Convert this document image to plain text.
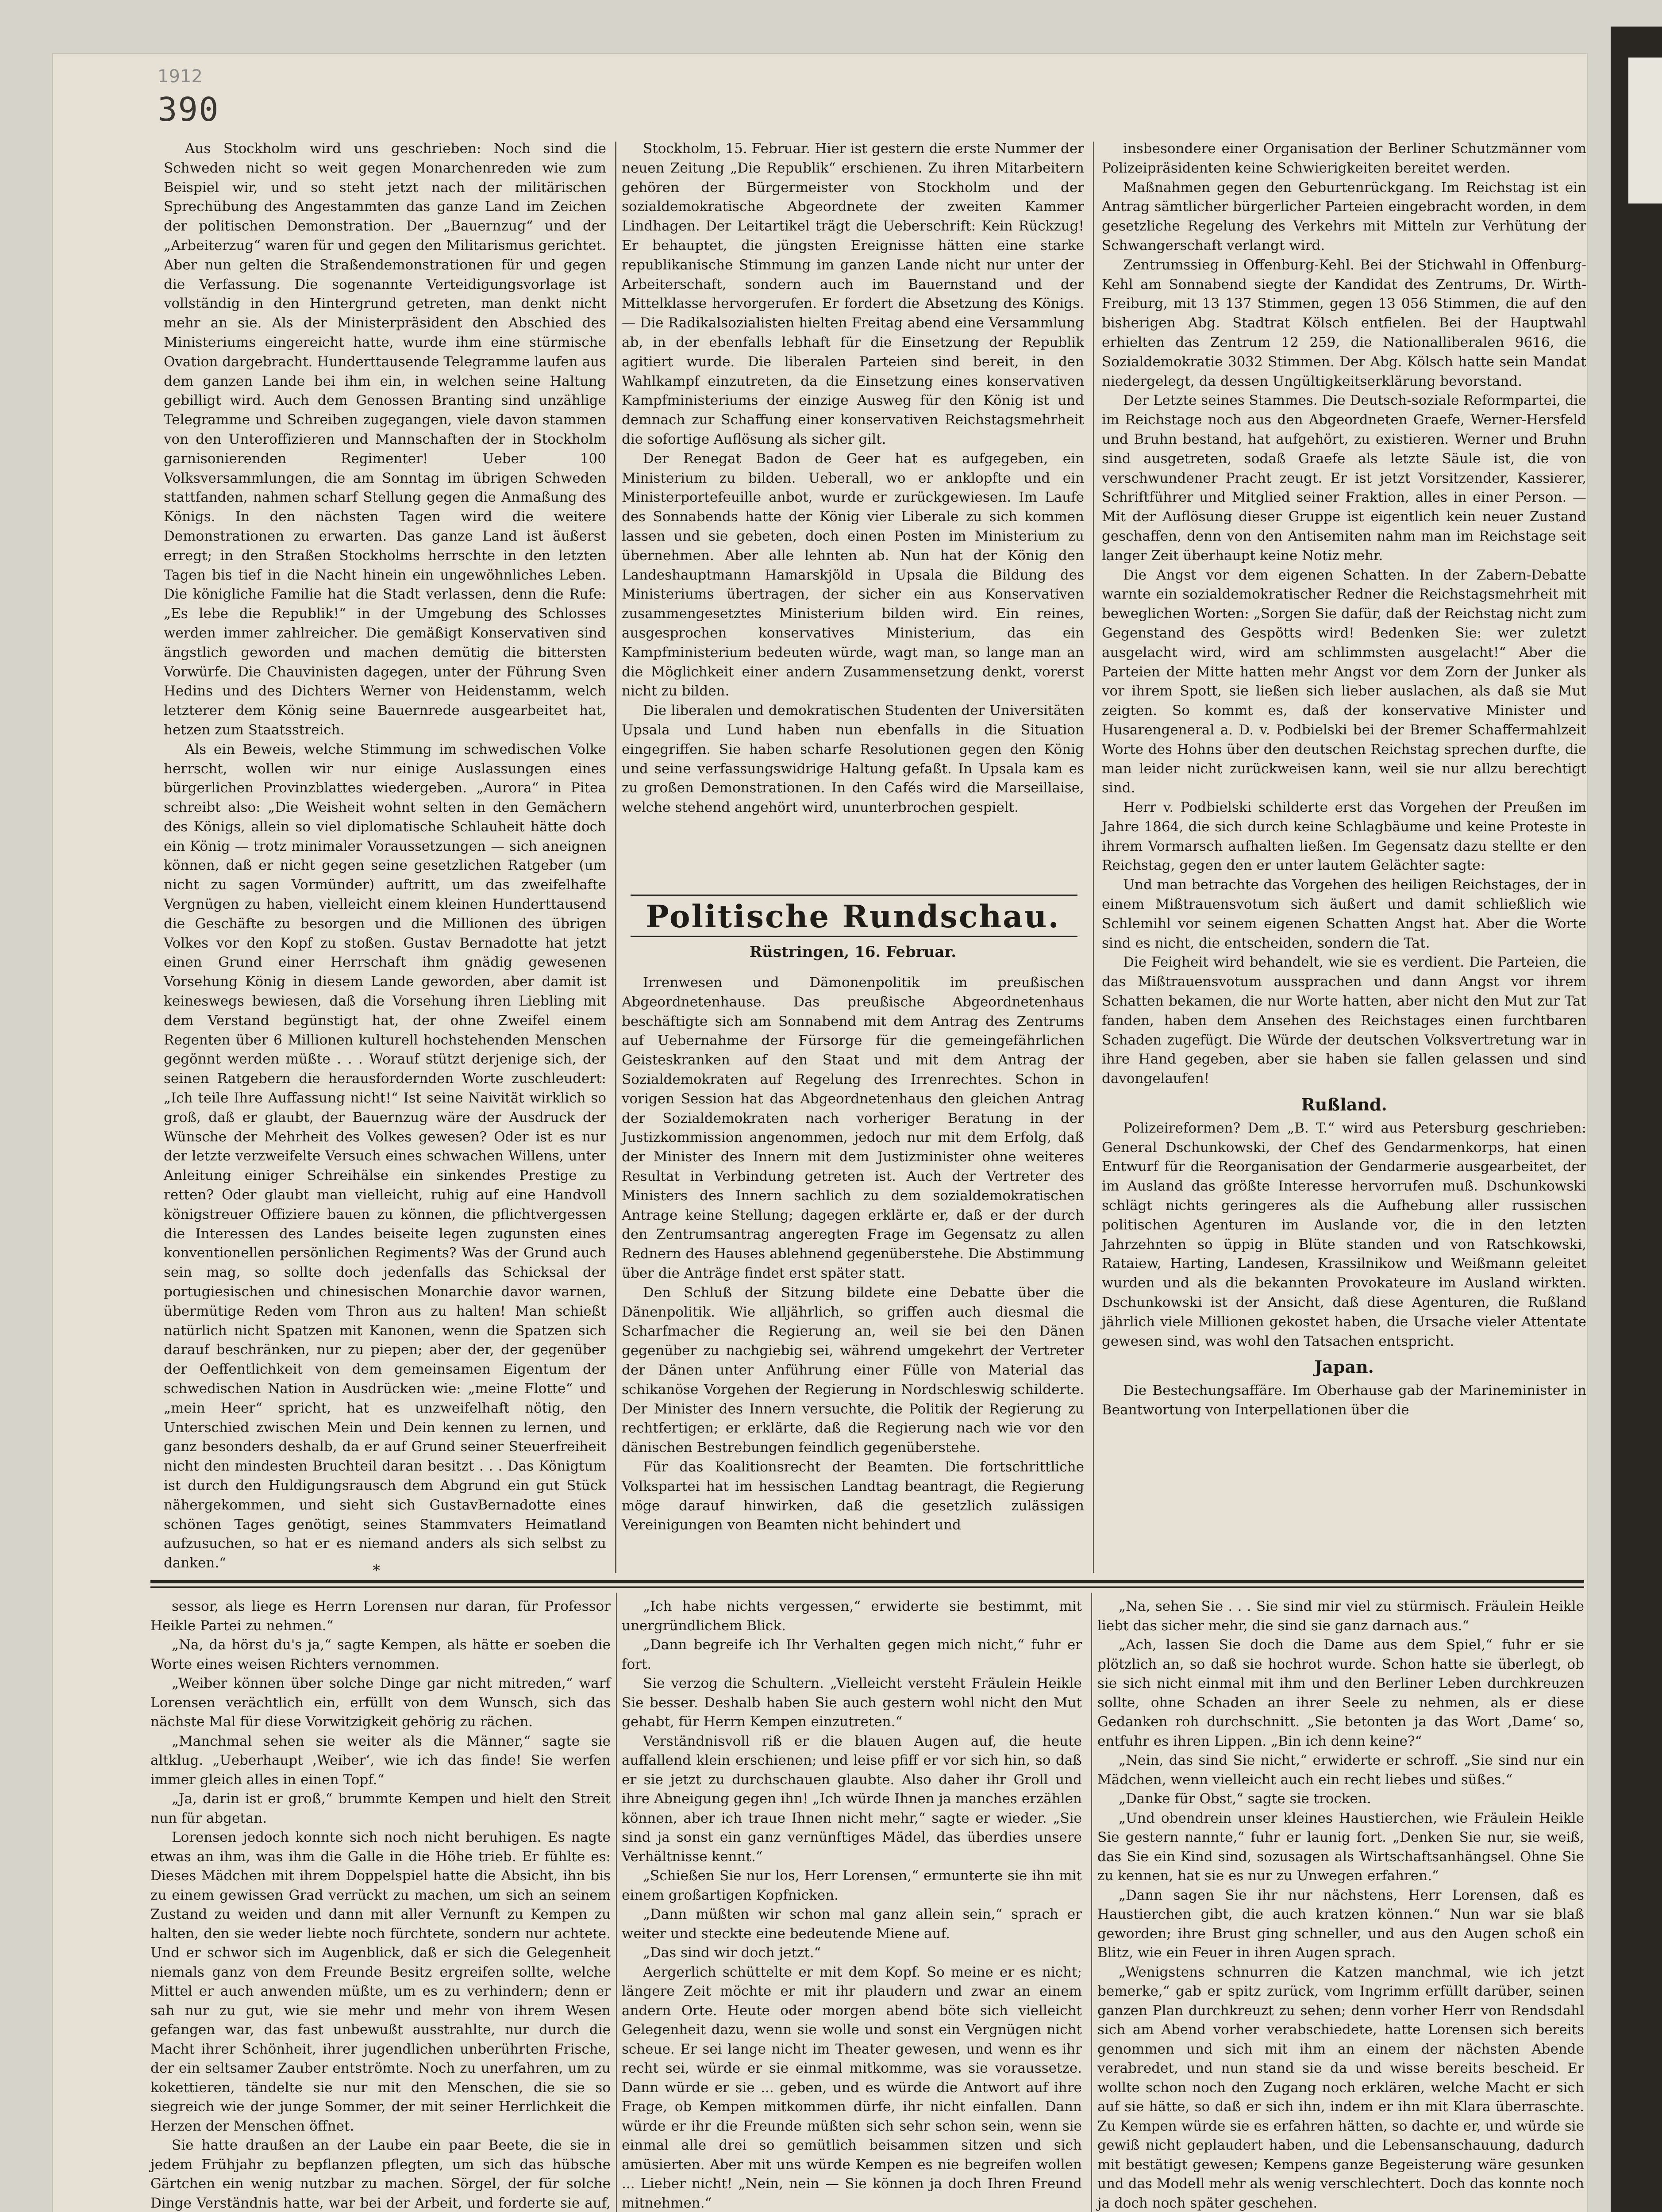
1912
390

Aus Stockholm wird uns geschrieben: Noch sind die Schweden nicht so weit gegen Monarchenreden wie zum Beispiel wir, und so steht jetzt nach der militärischen Sprechübung des Angestammten das ganze Land im Zeichen der politischen Demonstration. Der „Bauernzug“ und der „Arbeiterzug“ waren für und gegen den Militarismus gerichtet. Aber nun gelten die Straßendemonstrationen für und gegen die Verfassung. Die sogenannte Verteidigungsvorlage ist vollständig in den Hintergrund getreten, man denkt nicht mehr an sie. Als der Ministerpräsident den Abschied des Ministeriums eingereicht hatte, wurde ihm eine stürmische Ovation dargebracht. Hunderttausende Telegramme laufen aus dem ganzen Lande bei ihm ein, in welchen seine Haltung gebilligt wird. Auch dem Genossen Branting sind unzählige Telegramme und Schreiben zugegangen, viele davon stammen von den Unteroffizieren und Mannschaften der in Stockholm garnisonierenden Regimenter! Ueber 100 Volksversammlungen, die am Sonntag im übrigen Schweden stattfanden, nahmen scharf Stellung gegen die Anmaßung des Königs. In den nächsten Tagen wird die weitere Demonstrationen zu erwarten. Das ganze Land ist äußerst erregt; in den Straßen Stockholms herrschte in den letzten Tagen bis tief in die Nacht hinein ein ungewöhnliches Leben. Die königliche Familie hat die Stadt verlassen, denn die Rufe: „Es lebe die Republik!“ in der Umgebung des Schlosses werden immer zahlreicher. Die gemäßigt Konservativen sind ängstlich geworden und machen demütig die bittersten Vorwürfe. Die Chauvinisten dagegen, unter der Führung Sven Hedins und des Dichters Werner von Heidenstamm, welch letzterer dem König seine Bauernrede ausgearbeitet hat, hetzen zum Staatsstreich.

Als ein Beweis, welche Stimmung im schwedischen Volke herrscht, wollen wir nur einige Auslassungen eines bürgerlichen Provinzblattes wiedergeben. „Aurora“ in Pitea schreibt also: „Die Weisheit wohnt selten in den Gemächern des Königs, allein so viel diplomatische Schlauheit hätte doch ein König — trotz minimaler Voraussetzungen — sich aneignen können, daß er nicht gegen seine gesetzlichen Ratgeber (um nicht zu sagen Vormünder) auftritt, um das zweifelhafte Vergnügen zu haben, vielleicht einem kleinen Hunderttausend die Geschäfte zu besorgen und die Millionen des übrigen Volkes vor den Kopf zu stoßen. Gustav Bernadotte hat jetzt einen Grund einer Herrschaft ihm gnädig gewesenen Vorsehung König in diesem Lande geworden, aber damit ist keineswegs bewiesen, daß die Vorsehung ihren Liebling mit dem Verstand begünstigt hat, der ohne Zweifel einem Regenten über 6 Millionen kulturell hochstehenden Menschen gegönnt werden müßte . . . Worauf stützt derjenige sich, der seinen Ratgebern die herausfordernden Worte zuschleudert: „Ich teile Ihre Auffassung nicht!“ Ist seine Naivität wirklich so groß, daß er glaubt, der Bauernzug wäre der Ausdruck der Wünsche der Mehrheit des Volkes gewesen? Oder ist es nur der letzte verzweifelte Versuch eines schwachen Willens, unter Anleitung einiger Schreihälse ein sinkendes Prestige zu retten? Oder glaubt man vielleicht, ruhig auf eine Handvoll königstreuer Offiziere bauen zu können, die pflichtvergessen die Interessen des Landes beiseite legen zugunsten eines konventionellen persönlichen Regiments? Was der Grund auch sein mag, so sollte doch jedenfalls das Schicksal der portugiesischen und chinesischen Monarchie davor warnen, übermütige Reden vom Thron aus zu halten! Man schießt natürlich nicht Spatzen mit Kanonen, wenn die Spatzen sich darauf beschränken, nur zu piepen; aber der, der gegenüber der Oeffentlichkeit von dem gemeinsamen Eigentum der schwedischen Nation in Ausdrücken wie: „meine Flotte“ und „mein Heer“ spricht, hat es unzweifelhaft nötig, den Unterschied zwischen Mein und Dein kennen zu lernen, und ganz besonders deshalb, da er auf Grund seiner Steuerfreiheit nicht den mindesten Bruchteil daran besitzt . . . Das Königtum ist durch den Huldigungsrausch dem Abgrund ein gut Stück nähergekommen, und sieht sich GustavBernadotte eines schönen Tages genötigt, seines Stammvaters Heimatland aufzusuchen, so hat er es niemand anders als sich selbst zu danken.“	*

Stockholm, 15. Februar. Hier ist gestern die erste Nummer der neuen Zeitung „Die Republik“ erschienen. Zu ihren Mitarbeitern gehören der Bürgermeister von Stockholm und der sozialdemokratische Abgeordnete der zweiten Kammer Lindhagen. Der Leitartikel trägt die Ueberschrift: Kein Rückzug! Er behauptet, die jüngsten Ereignisse hätten eine starke republikanische Stimmung im ganzen Lande nicht nur unter der Arbeiterschaft, sondern auch im Bauernstand und der Mittelklasse hervorgerufen. Er fordert die Absetzung des Königs. — Die Radikalsozialisten hielten Freitag abend eine Versammlung ab, in der ebenfalls lebhaft für die Einsetzung der Republik agitiert wurde. Die liberalen Parteien sind bereit, in den Wahlkampf einzutreten, da die Einsetzung eines konservativen Kampfministeriums der einzige Ausweg für den König ist und demnach zur Schaffung einer konservativen Reichstagsmehrheit die sofortige Auflösung als sicher gilt.

Der Renegat Badon de Geer hat es aufgegeben, ein Ministerium zu bilden. Ueberall, wo er anklopfte und ein Ministerportefeuille anbot, wurde er zurückgewiesen. Im Laufe des Sonnabends hatte der König vier Liberale zu sich kommen lassen und sie gebeten, doch einen Posten im Ministerium zu übernehmen. Aber alle lehnten ab. Nun hat der König den Landeshauptmann Hamarskjöld in Upsala die Bildung des Ministeriums übertragen, der sicher ein aus Konservativen zusammengesetztes Ministerium bilden wird. Ein reines, ausgesprochen konservatives Ministerium, das ein Kampfministerium bedeuten würde, wagt man, so lange man an die Möglichkeit einer andern Zusammensetzung denkt, vorerst nicht zu bilden.

Die liberalen und demokratischen Studenten der Universitäten Upsala und Lund haben nun ebenfalls in die Situation eingegriffen. Sie haben scharfe Resolutionen gegen den König und seine verfassungswidrige Haltung gefaßt. In Upsala kam es zu großen Demonstrationen. In den Cafés wird die Marseillaise, welche stehend angehört wird, ununterbrochen gespielt.

Politische Rundschau.
Rüstringen, 16. Februar.

Irrenwesen und Dämonenpolitik im preußischen Abgeordnetenhause. Das preußische Abgeordnetenhaus beschäftigte sich am Sonnabend mit dem Antrag des Zentrums auf Uebernahme der Fürsorge für die gemeingefährlichen Geisteskranken auf den Staat und mit dem Antrag der Sozialdemokraten auf Regelung des Irrenrechtes. Schon in vorigen Session hat das Abgeordnetenhaus den gleichen Antrag der Sozialdemokraten nach vorheriger Beratung in der Justizkommission angenommen, jedoch nur mit dem Erfolg, daß der Minister des Innern mit dem Justizminister ohne weiteres Resultat in Verbindung getreten ist. Auch der Vertreter des Ministers des Innern sachlich zu dem sozialdemokratischen Antrage keine Stellung; dagegen erklärte er, daß er der durch den Zentrumsantrag angeregten Frage im Gegensatz zu allen Rednern des Hauses ablehnend gegenüberstehe. Die Abstimmung über die Anträge findet erst später statt.

Den Schluß der Sitzung bildete eine Debatte über die Dänenpolitik. Wie alljährlich, so griffen auch diesmal die Scharfmacher die Regierung an, weil sie bei den Dänen gegenüber zu nachgiebig sei, während umgekehrt der Vertreter der Dänen unter Anführung einer Fülle von Material das schikanöse Vorgehen der Regierung in Nordschleswig schilderte. Der Minister des Innern versuchte, die Politik der Regierung zu rechtfertigen; er erklärte, daß die Regierung nach wie vor den dänischen Bestrebungen feindlich gegenüberstehe.

Für das Koalitionsrecht der Beamten. Die fortschrittliche Volkspartei hat im hessischen Landtag beantragt, die Regierung möge darauf hinwirken, daß die gesetzlich zulässigen Vereinigungen von Beamten nicht behindert und

insbesondere einer Organisation der Berliner Schutzmänner vom Polizeipräsidenten keine Schwierigkeiten bereitet werden.

Maßnahmen gegen den Geburtenrückgang. Im Reichstag ist ein Antrag sämtlicher bürgerlicher Parteien eingebracht worden, in dem gesetzliche Regelung des Verkehrs mit Mitteln zur Verhütung der Schwangerschaft verlangt wird.

Zentrumssieg in Offenburg-Kehl. Bei der Stichwahl in Offenburg-Kehl am Sonnabend siegte der Kandidat des Zentrums, Dr. Wirth-Freiburg, mit 13 137 Stimmen, gegen 13 056 Stimmen, die auf den bisherigen Abg. Stadtrat Kölsch entfielen. Bei der Hauptwahl erhielten das Zentrum 12 259, die Nationalliberalen 9616, die Sozialdemokratie 3032 Stimmen. Der Abg. Kölsch hatte sein Mandat niedergelegt, da dessen Ungültigkeitserklärung bevorstand.

Der Letzte seines Stammes. Die Deutsch-soziale Reformpartei, die im Reichstage noch aus den Abgeordneten Graefe, Werner-Hersfeld und Bruhn bestand, hat aufgehört, zu existieren. Werner und Bruhn sind ausgetreten, sodaß Graefe als letzte Säule ist, die von verschwundener Pracht zeugt. Er ist jetzt Vorsitzender, Kassierer, Schriftführer und Mitglied seiner Fraktion, alles in einer Person. — Mit der Auflösung dieser Gruppe ist eigentlich kein neuer Zustand geschaffen, denn von den Antisemiten nahm man im Reichstage seit langer Zeit überhaupt keine Notiz mehr.

Die Angst vor dem eigenen Schatten. In der Zabern-Debatte warnte ein sozialdemokratischer Redner die Reichstagsmehrheit mit beweglichen Worten: „Sorgen Sie dafür, daß der Reichstag nicht zum Gegenstand des Gespötts wird! Bedenken Sie: wer zuletzt ausgelacht wird, wird am schlimmsten ausgelacht!“ Aber die Parteien der Mitte hatten mehr Angst vor dem Zorn der Junker als vor ihrem Spott, sie ließen sich lieber auslachen, als daß sie Mut zeigten. So kommt es, daß der konservative Minister und Husarengeneral a. D. v. Podbielski bei der Bremer Schaffermahlzeit Worte des Hohns über den deutschen Reichstag sprechen durfte, die man leider nicht zurückweisen kann, weil sie nur allzu berechtigt sind.

Herr v. Podbielski schilderte erst das Vorgehen der Preußen im Jahre 1864, die sich durch keine Schlagbäume und keine Proteste in ihrem Vormarsch aufhalten ließen. Im Gegensatz dazu stellte er den Reichstag, gegen den er unter lautem Gelächter sagte:

Und man betrachte das Vorgehen des heiligen Reichstages, der in einem Mißtrauensvotum sich äußert und damit schließlich wie Schlemihl vor seinem eigenen Schatten Angst hat. Aber die Worte sind es nicht, die entscheiden, sondern die Tat.

Die Feigheit wird behandelt, wie sie es verdient. Die Parteien, die das Mißtrauensvotum aussprachen und dann Angst vor ihrem Schatten bekamen, die nur Worte hatten, aber nicht den Mut zur Tat fanden, haben dem Ansehen des Reichstages einen furchtbaren Schaden zugefügt. Die Würde der deutschen Volksvertretung war in ihre Hand gegeben, aber sie haben sie fallen gelassen und sind davongelaufen!

Rußland.

Polizeireformen? Dem „B. T.“ wird aus Petersburg geschrieben: General Dschunkowski, der Chef des Gendarmenkorps, hat einen Entwurf für die Reorganisation der Gendarmerie ausgearbeitet, der im Ausland das größte Interesse hervorrufen muß. Dschunkowski schlägt nichts geringeres als die Aufhebung aller russischen politischen Agenturen im Auslande vor, die in den letzten Jahrzehnten so üppig in Blüte standen und von Ratschkowski, Rataiew, Harting, Landesen, Krassilnikow und Weißmann geleitet wurden und als die bekannten Provokateure im Ausland wirkten. Dschunkowski ist der Ansicht, daß diese Agenturen, die Rußland jährlich viele Millionen gekostet haben, die Ursache vieler Attentate gewesen sind, was wohl den Tatsachen entspricht.

Japan.

Die Bestechungsaffäre. Im Oberhause gab der Marineminister in Beantwortung von Interpellationen über die

sessor, als liege es Herrn Lorensen nur daran, für Professor Heikle Partei zu nehmen.“

„Na, da hörst du's ja,“ sagte Kempen, als hätte er soeben die Worte eines weisen Richters vernommen.

„Weiber können über solche Dinge gar nicht mitreden,“ warf Lorensen verächtlich ein, erfüllt von dem Wunsch, sich das nächste Mal für diese Vorwitzigkeit gehörig zu rächen.

„Manchmal sehen sie weiter als die Männer,“ sagte sie altklug. „Ueberhaupt ‚Weiber‘, wie ich das finde! Sie werfen immer gleich alles in einen Topf.“

„Ja, darin ist er groß,“ brummte Kempen und hielt den Streit nun für abgetan.

Lorensen jedoch konnte sich noch nicht beruhigen. Es nagte etwas an ihm, was ihm die Galle in die Höhe trieb. Er fühlte es: Dieses Mädchen mit ihrem Doppelspiel hatte die Absicht, ihn bis zu einem gewissen Grad verrückt zu machen, um sich an seinem Zustand zu weiden und dann mit aller Vernunft zu Kempen zu halten, den sie weder liebte noch fürchtete, sondern nur achtete. Und er schwor sich im Augenblick, daß er sich die Gelegenheit niemals ganz von dem Freunde Besitz ergreifen sollte, welche Mittel er auch anwenden müßte, um es zu verhindern; denn er sah nur zu gut, wie sie mehr und mehr von ihrem Wesen gefangen war, das fast unbewußt ausstrahlte, nur durch die Macht ihrer Schönheit, ihrer jugendlichen unberührten Frische, der ein seltsamer Zauber entströmte. Noch zu unerfahren, um zu kokettieren, tändelte sie nur mit den Menschen, die sie so siegreich wie der junge Sommer, der mit seiner Herrlichkeit die Herzen der Menschen öffnet.

Sie hatte draußen an der Laube ein paar Beete, die sie in jedem Frühjahr zu bepflanzen pflegten, um sich das hübsche Gärtchen ein wenig nutzbar zu machen. Sörgel, der für solche Dinge Verständnis hatte, war bei der Arbeit, und forderte sie auf,

„Ich habe nichts vergessen,“ erwiderte sie bestimmt, mit unergründlichem Blick.

„Dann begreife ich Ihr Verhalten gegen mich nicht,“ fuhr er fort.

Sie verzog die Schultern. „Vielleicht versteht Fräulein Heikle Sie besser. Deshalb haben Sie auch gestern wohl nicht den Mut gehabt, für Herrn Kempen einzutreten.“

Verständnisvoll riß er die blauen Augen auf, die heute auffallend klein erschienen; und leise pfiff er vor sich hin, so daß er sie jetzt zu durchschauen glaubte. Also daher ihr Groll und ihre Abneigung gegen ihn! „Ich würde Ihnen ja manches erzählen können, aber ich traue Ihnen nicht mehr,“ sagte er wieder. „Sie sind ja sonst ein ganz vernünftiges Mädel, das überdies unsere Verhältnisse kennt.“

„Schießen Sie nur los, Herr Lorensen,“ ermunterte sie ihn mit einem großartigen Kopfnicken.

„Dann müßten wir schon mal ganz allein sein,“ sprach er weiter und steckte eine bedeutende Miene auf.

„Das sind wir doch jetzt.“

Aergerlich schüttelte er mit dem Kopf. So meine er es nicht; längere Zeit möchte er mit ihr plaudern und zwar an einem andern Orte. Heute oder morgen abend böte sich vielleicht Gelegenheit dazu, wenn sie wolle und sonst ein Vergnügen nicht scheue. Er sei lange nicht im Theater gewesen, und wenn es ihr recht sei, würde er sie einmal mitkomme, was sie voraussetze. Dann würde er sie ... geben, und es würde die Antwort auf ihre Frage, ob Kempen mitkommen dürfe, ihr nicht einfallen. Dann würde er ihr die Freunde müßten sich sehr schon sein, wenn sie einmal alle drei so gemütlich beisammen sitzen und sich amüsierten. Aber mit uns würde Kempen es nie begreifen wollen ... Lieber nicht! „Nein, nein — Sie können ja doch Ihren Freund mitnehmen.“

„Na, sehen Sie . . . Sie sind mir viel zu stürmisch. Fräulein Heikle liebt das sicher mehr, die sind sie ganz darnach aus.“

„Ach, lassen Sie doch die Dame aus dem Spiel,“ fuhr er sie plötzlich an, so daß sie hochrot wurde. Schon hatte sie überlegt, ob sie sich nicht einmal mit ihm und den Berliner Leben durchkreuzen sollte, ohne Schaden an ihrer Seele zu nehmen, als er diese Gedanken roh durchschnitt. „Sie betonten ja das Wort ‚Dame‘ so, entfuhr es ihren Lippen. „Bin ich denn keine?“

„Nein, das sind Sie nicht,“ erwiderte er schroff. „Sie sind nur ein Mädchen, wenn vielleicht auch ein recht liebes und süßes.“

„Danke für Obst,“ sagte sie trocken.

„Und obendrein unser kleines Haustierchen, wie Fräulein Heikle Sie gestern nannte,“ fuhr er launig fort. „Denken Sie nur, sie weiß, das Sie ein Kind sind, sozusagen als Wirtschaftsanhängsel. Ohne Sie zu kennen, hat sie es nur zu Unwegen erfahren.“

„Dann sagen Sie ihr nur nächstens, Herr Lorensen, daß es Haustierchen gibt, die auch kratzen können.“ Nun war sie blaß geworden; ihre Brust ging schneller, und aus den Augen schoß ein Blitz, wie ein Feuer in ihren Augen sprach.

„Wenigstens schnurren die Katzen manchmal, wie ich jetzt bemerke,“ gab er spitz zurück, vom Ingrimm erfüllt darüber, seinen ganzen Plan durchkreuzt zu sehen; denn vorher Herr von Rendsdahl sich am Abend vorher verabschiedete, hatte Lorensen sich bereits genommen und sich mit ihm an einem der nächsten Abende verabredet, und nun stand sie da und wisse bereits bescheid. Er wollte schon noch den Zugang noch erklären, welche Macht er sich auf sie hätte, so daß er sich ihn, indem er ihn mit Klara überraschte. Zu Kempen würde sie es erfahren hätten, so dachte er, und würde sie gewiß nicht geplaudert haben, und die Lebensanschauung, dadurch mit bestätigt gewesen; Kempens ganze Begeisterung wäre gesunken und das Modell mehr als wenig verschlechtert. Doch das konnte noch ja doch noch später geschehen.
